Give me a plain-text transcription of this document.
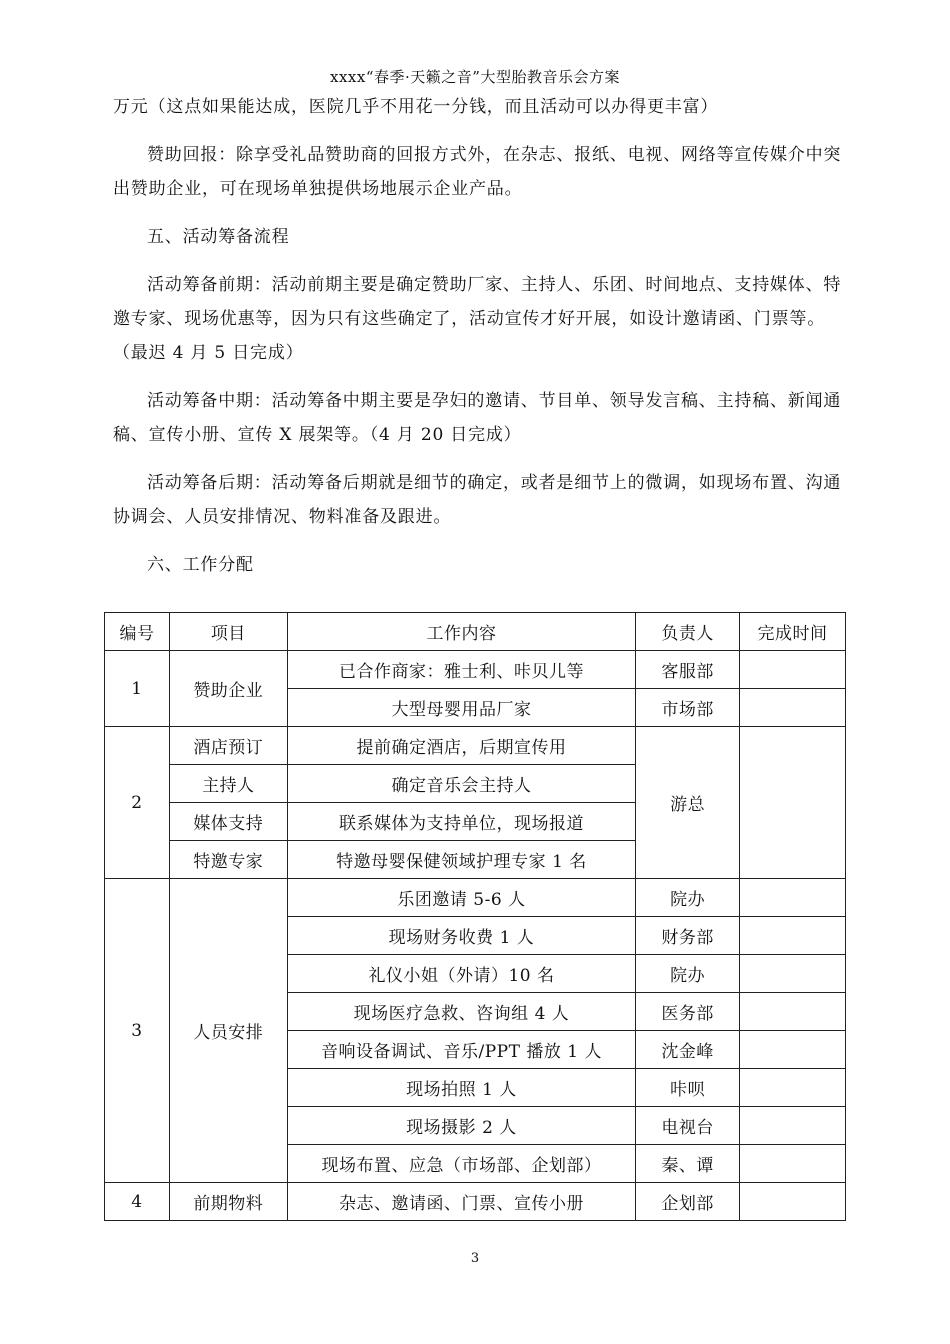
xxxx“春季·天籁之音”大型胎教音乐会方案

万元（这点如果能达成，医院几乎不用花一分钱，而且活动可以办得更丰富）

赞助回报：除享受礼品赞助商的回报方式外，在杂志、报纸、电视、网络等宣传媒介中突出赞助企业，可在现场单独提供场地展示企业产品。

五、活动筹备流程

活动筹备前期：活动前期主要是确定赞助厂家、主持人、乐团、时间地点、支持媒体、特邀专家、现场优惠等，因为只有这些确定了，活动宣传才好开展，如设计邀请函、门票等。（最迟 4 月 5 日完成）

活动筹备中期：活动筹备中期主要是孕妇的邀请、节目单、领导发言稿、主持稿、新闻通稿、宣传小册、宣传 X 展架等。（4 月 20 日完成）

活动筹备后期：活动筹备后期就是细节的确定，或者是细节上的微调，如现场布置、沟通协调会、人员安排情况、物料准备及跟进。

六、工作分配

编号	项目	工作内容	负责人	完成时间
1	赞助企业	已合作商家：雅士利、咔贝儿等	客服部	
		大型母婴用品厂家	市场部	
2	酒店预订	提前确定酒店，后期宣传用	游总	
	主持人	确定音乐会主持人		
	媒体支持	联系媒体为支持单位，现场报道		
	特邀专家	特邀母婴保健领域护理专家 1 名		
3	人员安排	乐团邀请 5-6 人	院办	
		现场财务收费 1 人	财务部	
		礼仪小姐（外请）10 名	院办	
		现场医疗急救、咨询组 4 人	医务部	
		音响设备调试、音乐/PPT 播放 1 人	沈金峰	
		现场拍照 1 人	咔呗	
		现场摄影 2 人	电视台	
		现场布置、应急（市场部、企划部）	秦、谭	
4	前期物料	杂志、邀请函、门票、宣传小册	企划部	
3
